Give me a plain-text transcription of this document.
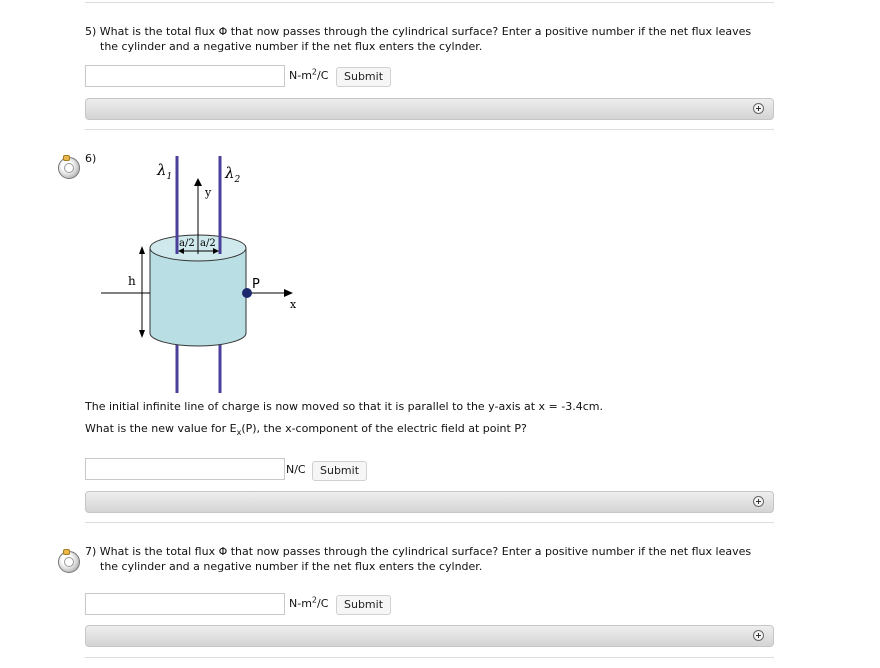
5) What is the total flux Φ that now passes through the cylindrical surface? Enter a positive number if the net flux leaves
the cylinder and a negative number if the net flux enters the cylnder.
$N-m^2/C$	Submit
6)
$\lambda_1$	$\lambda_2$
y
a/2 a/2
h	P
x
The initial infinite line of charge is now moved so that it is parallel to the y-axis at x = -3.4cm.
What is the new value for $E_x(P)$, the x-component of the electric field at point P?
N/C	Submit
7) What is the total flux Φ that now passes through the cylindrical surface? Enter a positive number if the net flux leaves
the cylinder and a negative number if the net flux enters the cylnder.
$N-m^2/C$	Submit
